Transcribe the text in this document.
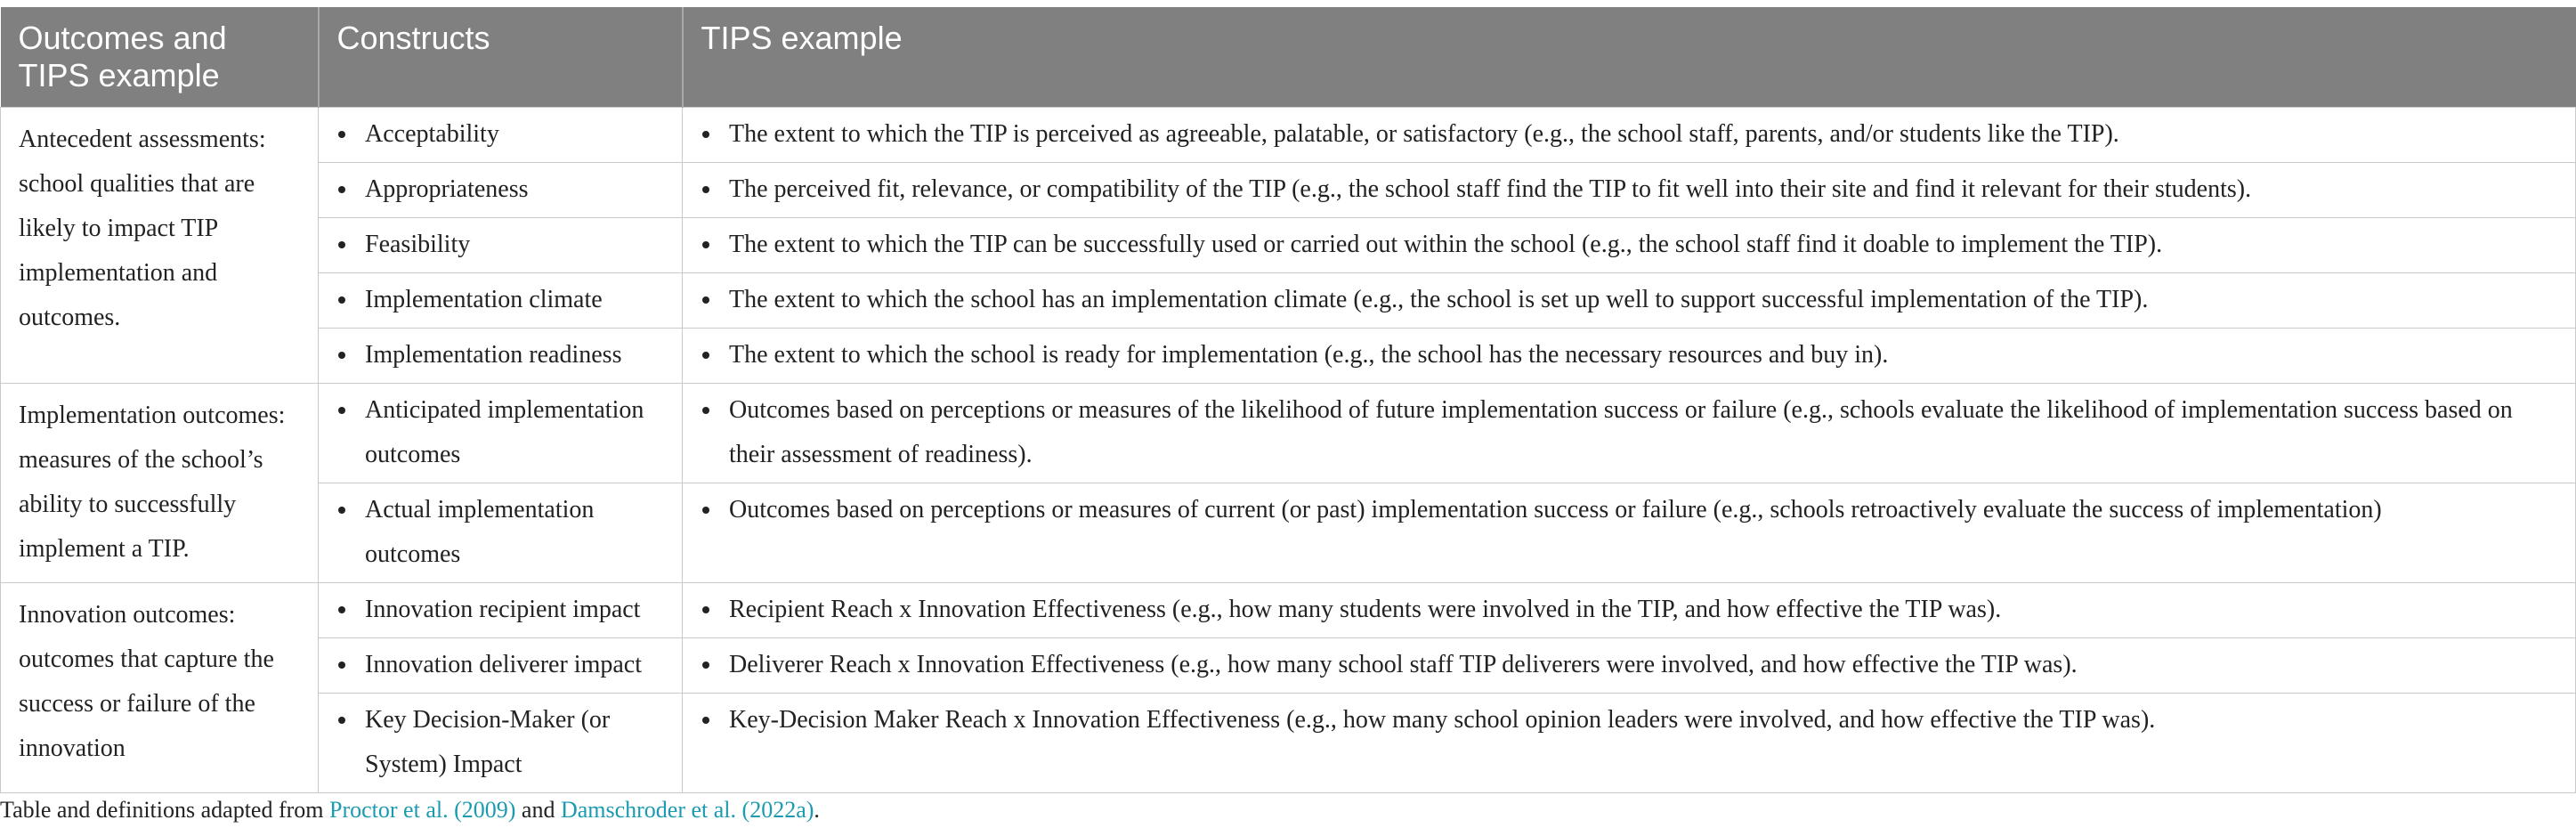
Outcomes and TIPS example	Constructs	TIPS example
Antecedent assessments: school qualities that are likely to impact TIP implementation and outcomes.	Acceptability	The extent to which the TIP is perceived as agreeable, palatable, or satisfactory (e.g., the school staff, parents, and/or students like the TIP).

	Appropriateness	The perceived fit, relevance, or compatibility of the TIP (e.g., the school staff find the TIP to fit well into their site and find it relevant for their students).

	Feasibility	The extent to which the TIP can be successfully used or carried out within the school (e.g., the school staff find it doable to implement the TIP).

	Implementation climate	The extent to which the school has an implementation climate (e.g., the school is set up well to support successful implementation of the TIP).

	Implementation readiness	The extent to which the school is ready for implementation (e.g., the school has the necessary resources and buy in).

Implementation outcomes: measures of the school’s ability to successfully implement a TIP.	Anticipated implementation outcomes	Outcomes based on perceptions or measures of the likelihood of future implementation success or failure (e.g., schools evaluate the likelihood of implementation success based on their assessment of readiness).

	Actual implementation outcomes	Outcomes based on perceptions or measures of current (or past) implementation success or failure (e.g., schools retroactively evaluate the success of implementation)

Innovation outcomes: outcomes that capture the success or failure of the innovation	Innovation recipient impact	Recipient Reach x Innovation Effectiveness (e.g., how many students were involved in the TIP, and how effective the TIP was).

	Innovation deliverer impact	Deliverer Reach x Innovation Effectiveness (e.g., how many school staff TIP deliverers were involved, and how effective the TIP was).

	Key Decision-Maker (or System) Impact	Key-Decision Maker Reach x Innovation Effectiveness (e.g., how many school opinion leaders were involved, and how effective the TIP was).
Table and definitions adapted from Proctor et al. (2009) and Damschroder et al. (2022a).
